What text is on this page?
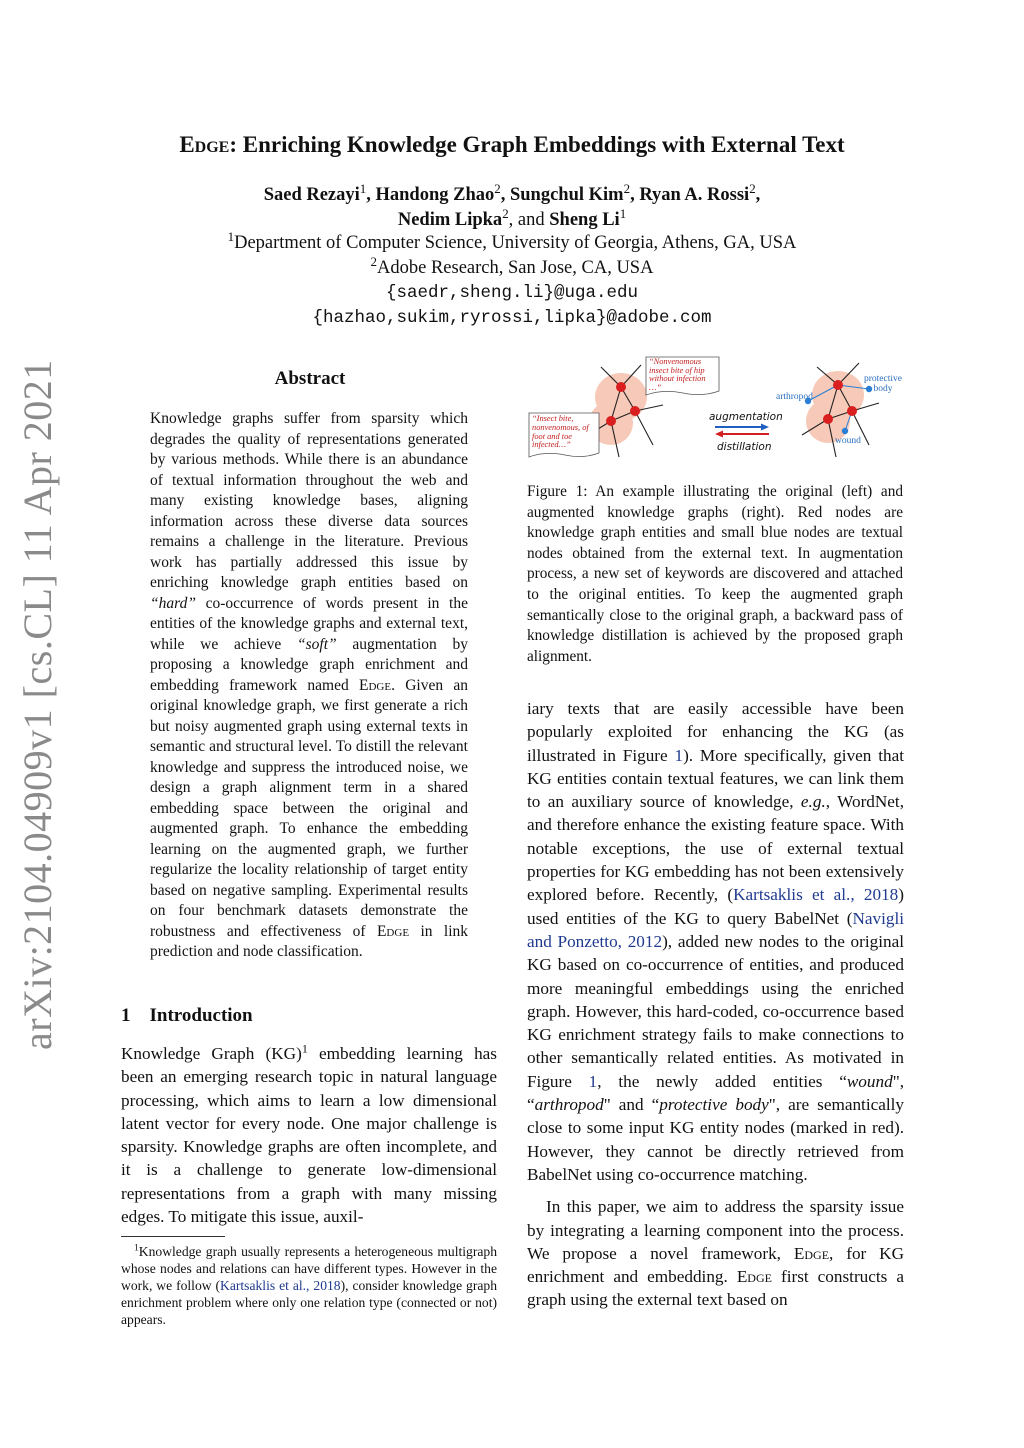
Edge: Enriching Knowledge Graph Embeddings with External Text
Saed Rezayi$^1$, Handong Zhao$^2$, Sungchul Kim$^2$, Ryan A. Rossi$^2$,
Nedim Lipka$^2$, and Sheng Li$^1$
$^1$Department of Computer Science, University of Georgia, Athens, GA, USA
$^2$Adobe Research, San Jose, CA, USA
{saedr,sheng.li}@uga.edu
{hazhao,sukim,ryrossi,lipka}@adobe.com
arXiv:2104.04909v1 [cs.CL] 11 Apr 2021	Abstract
Knowledge graphs suffer from sparsity which degrades the quality of representations generated by various methods. While there is an abundance of textual information throughout the web and many existing knowledge bases, aligning information across these diverse data sources remains a challenge in the literature. Previous work has partially addressed this issue by enriching knowledge graph entities based on “hard” co-occurrence of words present in the entities of the knowledge graphs and external text, while we achieve “soft” augmentation by proposing a knowledge graph enrichment and embedding framework named Edge. Given an original knowledge graph, we first generate a rich but noisy augmented graph using external texts in semantic and structural level. To distill the relevant knowledge and suppress the introduced noise, we design a graph alignment term in a shared embedding space between the original and augmented graph. To enhance the embedding learning on the augmented graph, we further regularize the locality relationship of target entity based on negative sampling. Experimental results on four benchmark datasets demonstrate the robustness and effectiveness of Edge in link prediction and node classification.
1 Introduction
Knowledge Graph (KG)$^1$ embedding learning has been an emerging research topic in natural language processing, which aims to learn a low dimensional latent vector for every node. One major challenge is sparsity. Knowledge graphs are often incomplete, and it is a challenge to generate low-dimensional representations from a graph with many missing edges. To mitigate this issue, auxil-
$^1$Knowledge graph usually represents a heterogeneous multigraph whose nodes and relations can have different types. However in the work, we follow (Kartsaklis et al., 2018), consider knowledge graph enrichment problem where only one relation type (connected or not) appears.
“Nonvenomous insect bite of hip without infection …”
“Insect bite, nonvenomous, of foot and toe infected…”
augmentation
distillation
arthropod
protective body
wound
Figure 1: An example illustrating the original (left) and augmented knowledge graphs (right). Red nodes are knowledge graph entities and small blue nodes are textual nodes obtained from the external text. In augmentation process, a new set of keywords are discovered and attached to the original entities. To keep the augmented graph semantically close to the original graph, a backward pass of knowledge distillation is achieved by the proposed graph alignment.

iary texts that are easily accessible have been popularly exploited for enhancing the KG (as illustrated in Figure 1). More specifically, given that KG entities contain textual features, we can link them to an auxiliary source of knowledge, e.g., WordNet, and therefore enhance the existing feature space. With notable exceptions, the use of external textual properties for KG embedding has not been extensively explored before. Recently, (Kartsaklis et al., 2018) used entities of the KG to query BabelNet (Navigli and Ponzetto, 2012), added new nodes to the original KG based on co-occurrence of entities, and produced more meaningful embeddings using the enriched graph. However, this hard-coded, co-occurrence based KG enrichment strategy fails to make connections to other semantically related entities. As motivated in Figure 1, the newly added entities “wound", “arthropod" and “protective body", are semantically close to some input KG entity nodes (marked in red). However, they cannot be directly retrieved from BabelNet using co-occurrence matching.

In this paper, we aim to address the sparsity issue by integrating a learning component into the process. We propose a novel framework, Edge, for KG enrichment and embedding. Edge first constructs a graph using the external text based on
